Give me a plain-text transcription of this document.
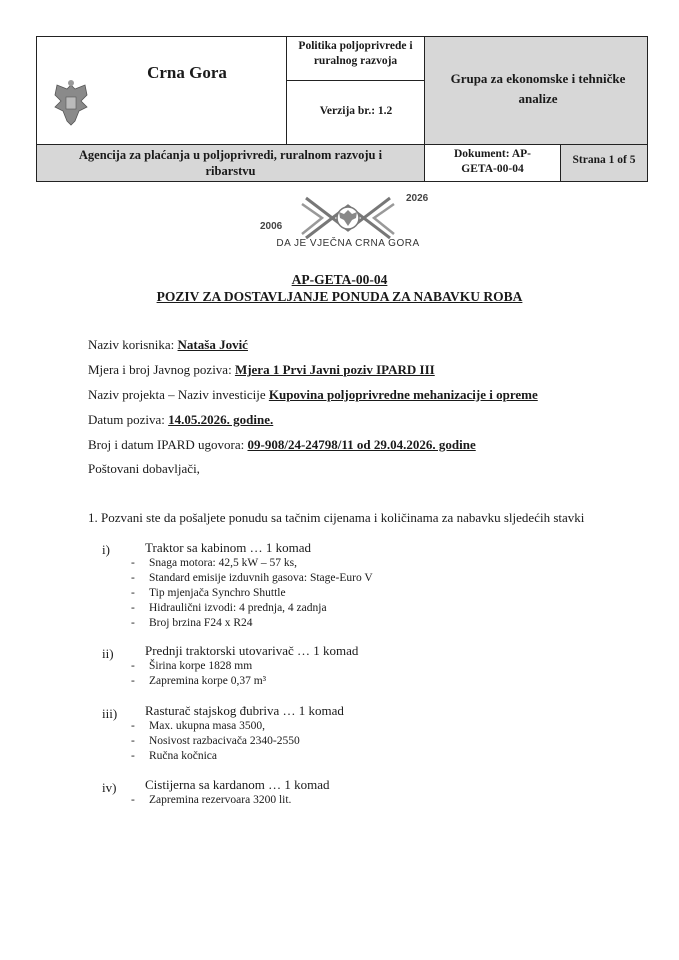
Crna Gora
Politika poljoprivrede i ruralnog razvoja
Verzija br.: 1.2
Grupa za ekonomske i tehničke analize
Agencija za plaćanja u poljoprivredi, ruralnom razvoju i ribarstvu
Dokument: AP-GETA-00-04
Strana 1 of 5
2006
2026
DA JE VJEČNA CRNA GORA
AP-GETA-00-04
POZIV ZA DOSTAVLJANJE PONUDA ZA NABAVKU ROBA
Naziv korisnika: Nataša Jović
Mjera i broj Javnog poziva: Mjera 1 Prvi Javni poziv IPARD III
Naziv projekta – Naziv investicije Kupovina poljoprivredne mehanizacije i opreme
Datum poziva: 14.05.2026. godine.
Broj i datum IPARD ugovora: 09-908/24-24798/11 od 29.04.2026. godine
Poštovani dobavljači,
1. Pozvani ste da pošaljete ponudu sa tačnim cijenama i količinama za nabavku sljedećih stavki
i)	Traktor sa kabinom … 1 komad
- Snaga motora: 42,5 kW – 57 ks,
- Standard emisije izduvnih gasova: Stage-Euro V
- Tip mjenjača Synchro Shuttle
- Hidraulični izvodi: 4 prednja, 4 zadnja
- Broj brzina F24 x R24
ii) Prednji traktorski utovarivač … 1 komad
- Širina korpe 1828 mm
- Zapremina korpe 0,37 m³
iii) Rasturač stajskog đubriva … 1 komad
- Max. ukupna masa 3500,
- Nosivost razbacivača 2340-2550
- Ručna kočnica
iv) Cistijerna sa kardanom … 1 komad
- Zapremina rezervoara 3200 lit.
